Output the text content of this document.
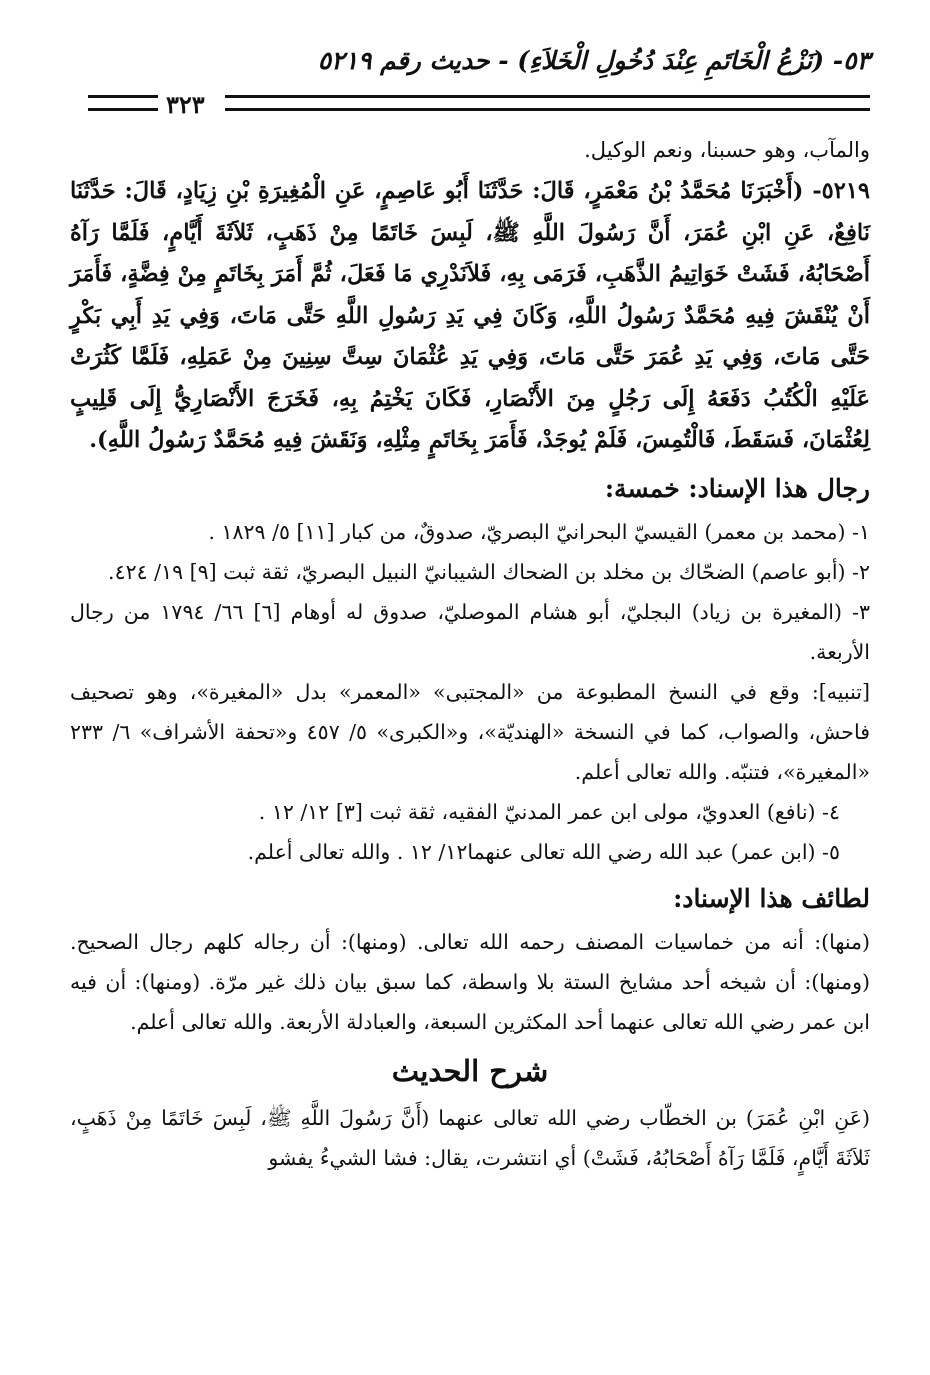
٥٣- (نَزْعُ الْخَاتَمِ عِنْدَ دُخُولِ الْخَلاَءِ) - حديث رقم ٥٢١٩
٣٢٣

والمآب، وهو حسبنا، ونعم الوكيل.

٥٢١٩- (أَخْبَرَنَا مُحَمَّدُ بْنُ مَعْمَرٍ، قَالَ: حَدَّثَنَا أَبُو عَاصِمٍ، عَنِ الْمُغِيرَةِ بْنِ زِيَادٍ، قَالَ: حَدَّثَنَا نَافِعٌ، عَنِ ابْنِ عُمَرَ، أَنَّ رَسُولَ اللَّهِ ﷺ، لَبِسَ خَاتَمًا مِنْ ذَهَبٍ، ثَلاَثَةَ أَيَّامٍ، فَلَمَّا رَآهُ أَصْحَابُهُ، فَشَتْ خَوَاتِيمُ الذَّهَبِ، فَرَمَى بِهِ، فَلاَنَدْرِي مَا فَعَلَ، ثُمَّ أَمَرَ بِخَاتَمٍ مِنْ فِضَّةٍ، فَأَمَرَ أَنْ يُنْقَشَ فِيهِ مُحَمَّدٌ رَسُولُ اللَّهِ، وَكَانَ فِي يَدِ رَسُولِ اللَّهِ حَتَّى مَاتَ، وَفِي يَدِ أَبِي بَكْرٍ حَتَّى مَاتَ، وَفِي يَدِ عُمَرَ حَتَّى مَاتَ، وَفِي يَدِ عُثْمَانَ سِتَّ سِنِينَ مِنْ عَمَلِهِ، فَلَمَّا كَثُرَتْ عَلَيْهِ الْكُتُبُ دَفَعَهُ إِلَى رَجُلٍ مِنَ الأَنْصَارِ، فَكَانَ يَخْتِمُ بِهِ، فَخَرَجَ الأَنْصَارِيُّ إِلَى قَلِيبٍ لِعُثْمَانَ، فَسَقَطَ، فَالْتُمِسَ، فَلَمْ يُوجَدْ، فَأَمَرَ بِخَاتَمٍ مِثْلِهِ، وَنَقَشَ فِيهِ مُحَمَّدٌ رَسُولُ اللَّهِ).

رجال هذا الإسناد: خمسة:

١- (محمد بن معمر) القيسيّ البحرانيّ البصريّ، صدوقٌ، من كبار [١١] ٥/ ١٨٢٩ .

٢- (أبو عاصم) الضحّاك بن مخلد بن الضحاك الشيبانيّ النبيل البصريّ، ثقة ثبت [٩] ١٩/ ٤٢٤.

٣- (المغيرة بن زياد) البجليّ، أبو هشام الموصليّ، صدوق له أوهام [٦] ٦٦/ ١٧٩٤ من رجال الأربعة.

[تنبيه]: وقع في النسخ المطبوعة من «المجتبى» «المعمر» بدل «المغيرة»، وهو تصحيف فاحش، والصواب، كما في النسخة «الهنديّة»، و«الكبرى» ٥/ ٤٥٧ و«تحفة الأشراف» ٦/ ٢٣٣ «المغيرة»، فتنبّه. والله تعالى أعلم.

٤- (نافع) العدويّ، مولى ابن عمر المدنيّ الفقيه، ثقة ثبت [٣] ١٢/ ١٢ .

٥- (ابن عمر) عبد الله رضي الله تعالى عنهما١٢/ ١٢ . والله تعالى أعلم.

لطائف هذا الإسناد:

(منها): أنه من خماسيات المصنف رحمه الله تعالى. (ومنها): أن رجاله كلهم رجال الصحيح. (ومنها): أن شيخه أحد مشايخ الستة بلا واسطة، كما سبق بيان ذلك غير مرّة. (ومنها): أن فيه ابن عمر رضي الله تعالى عنهما أحد المكثرين السبعة، والعبادلة الأربعة. والله تعالى أعلم.

شرح الحديث

(عَنِ ابْنِ عُمَرَ) بن الخطّاب رضي الله تعالى عنهما (أَنَّ رَسُولَ اللَّهِ ﷺ، لَبِسَ خَاتَمًا مِنْ ذَهَبٍ، ثَلاَثَةَ أَيَّامٍ، فَلَمَّا رَآهُ أَصْحَابُهُ، فَشَتْ) أي انتشرت، يقال: فشا الشيءُ يفشو
